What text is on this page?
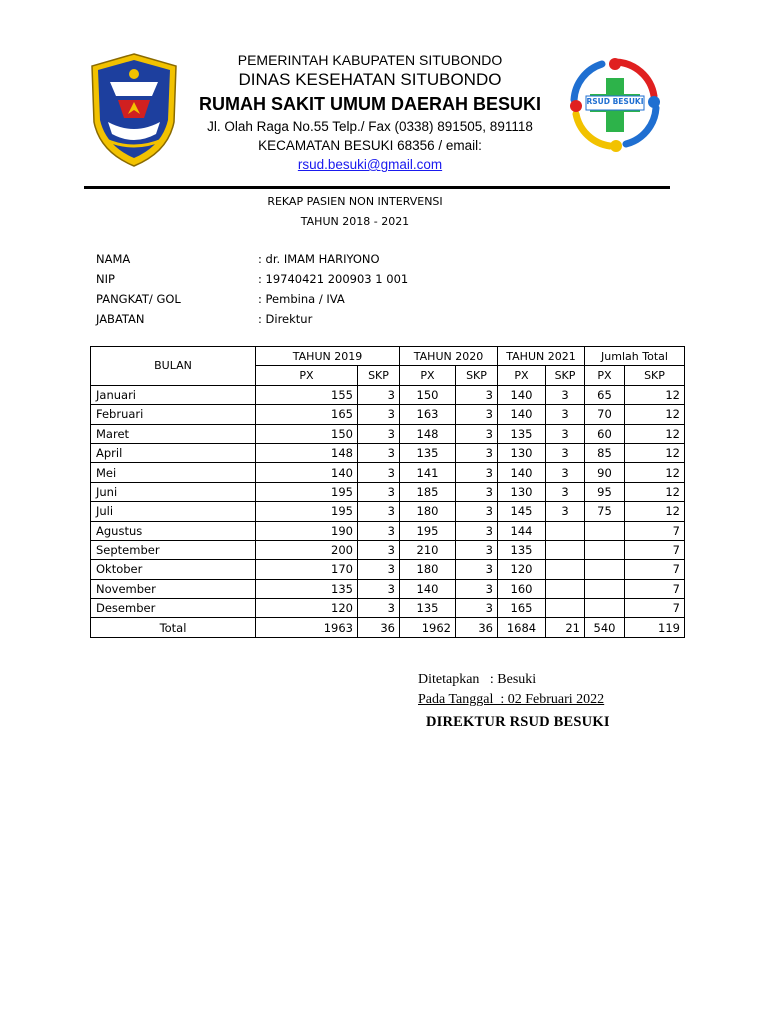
RSUD BESUKI
PEMERINTAH KABUPATEN SITUBONDO
DINAS KESEHATAN SITUBONDO
RUMAH SAKIT UMUM DAERAH BESUKI
Jl. Olah Raga No.55 Telp./ Fax (0338) 891505, 891118
KECAMATAN BESUKI 68356 / email:
rsud.besuki@gmail.com
REKAP PASIEN NON INTERVENSI
TAHUN 2018 - 2021
NAMA	: dr. IMAM HARIYONO
NIP	: 19740421 200903 1 001
PANGKAT/ GOL	: Pembina / IVA
JABATAN	: Direktur
BULAN	TAHUN 2019		TAHUN 2020		TAHUN 2021		Jumlah Total	
	PX	SKP	PX	SKP	PX	SKP	PX	SKP
Januari	155	3	150	3	140	3	65	12
Februari	165	3	163	3	140	3	70	12
Maret	150	3	148	3	135	3	60	12
April	148	3	135	3	130	3	85	12
Mei	140	3	141	3	140	3	90	12
Juni	195	3	185	3	130	3	95	12
Juli	195	3	180	3	145	3	75	12
Agustus	190	3	195	3	144			7
September	200	3	210	3	135			7
Oktober	170	3	180	3	120			7
November	135	3	140	3	160			7
Desember	120	3	135	3	165			7
Total	1963	36	1962	36	1684	21	540	119
Ditetapkan   : Besuki
Pada Tanggal  : 02 Februari 2022
DIREKTUR RSUD BESUKI
